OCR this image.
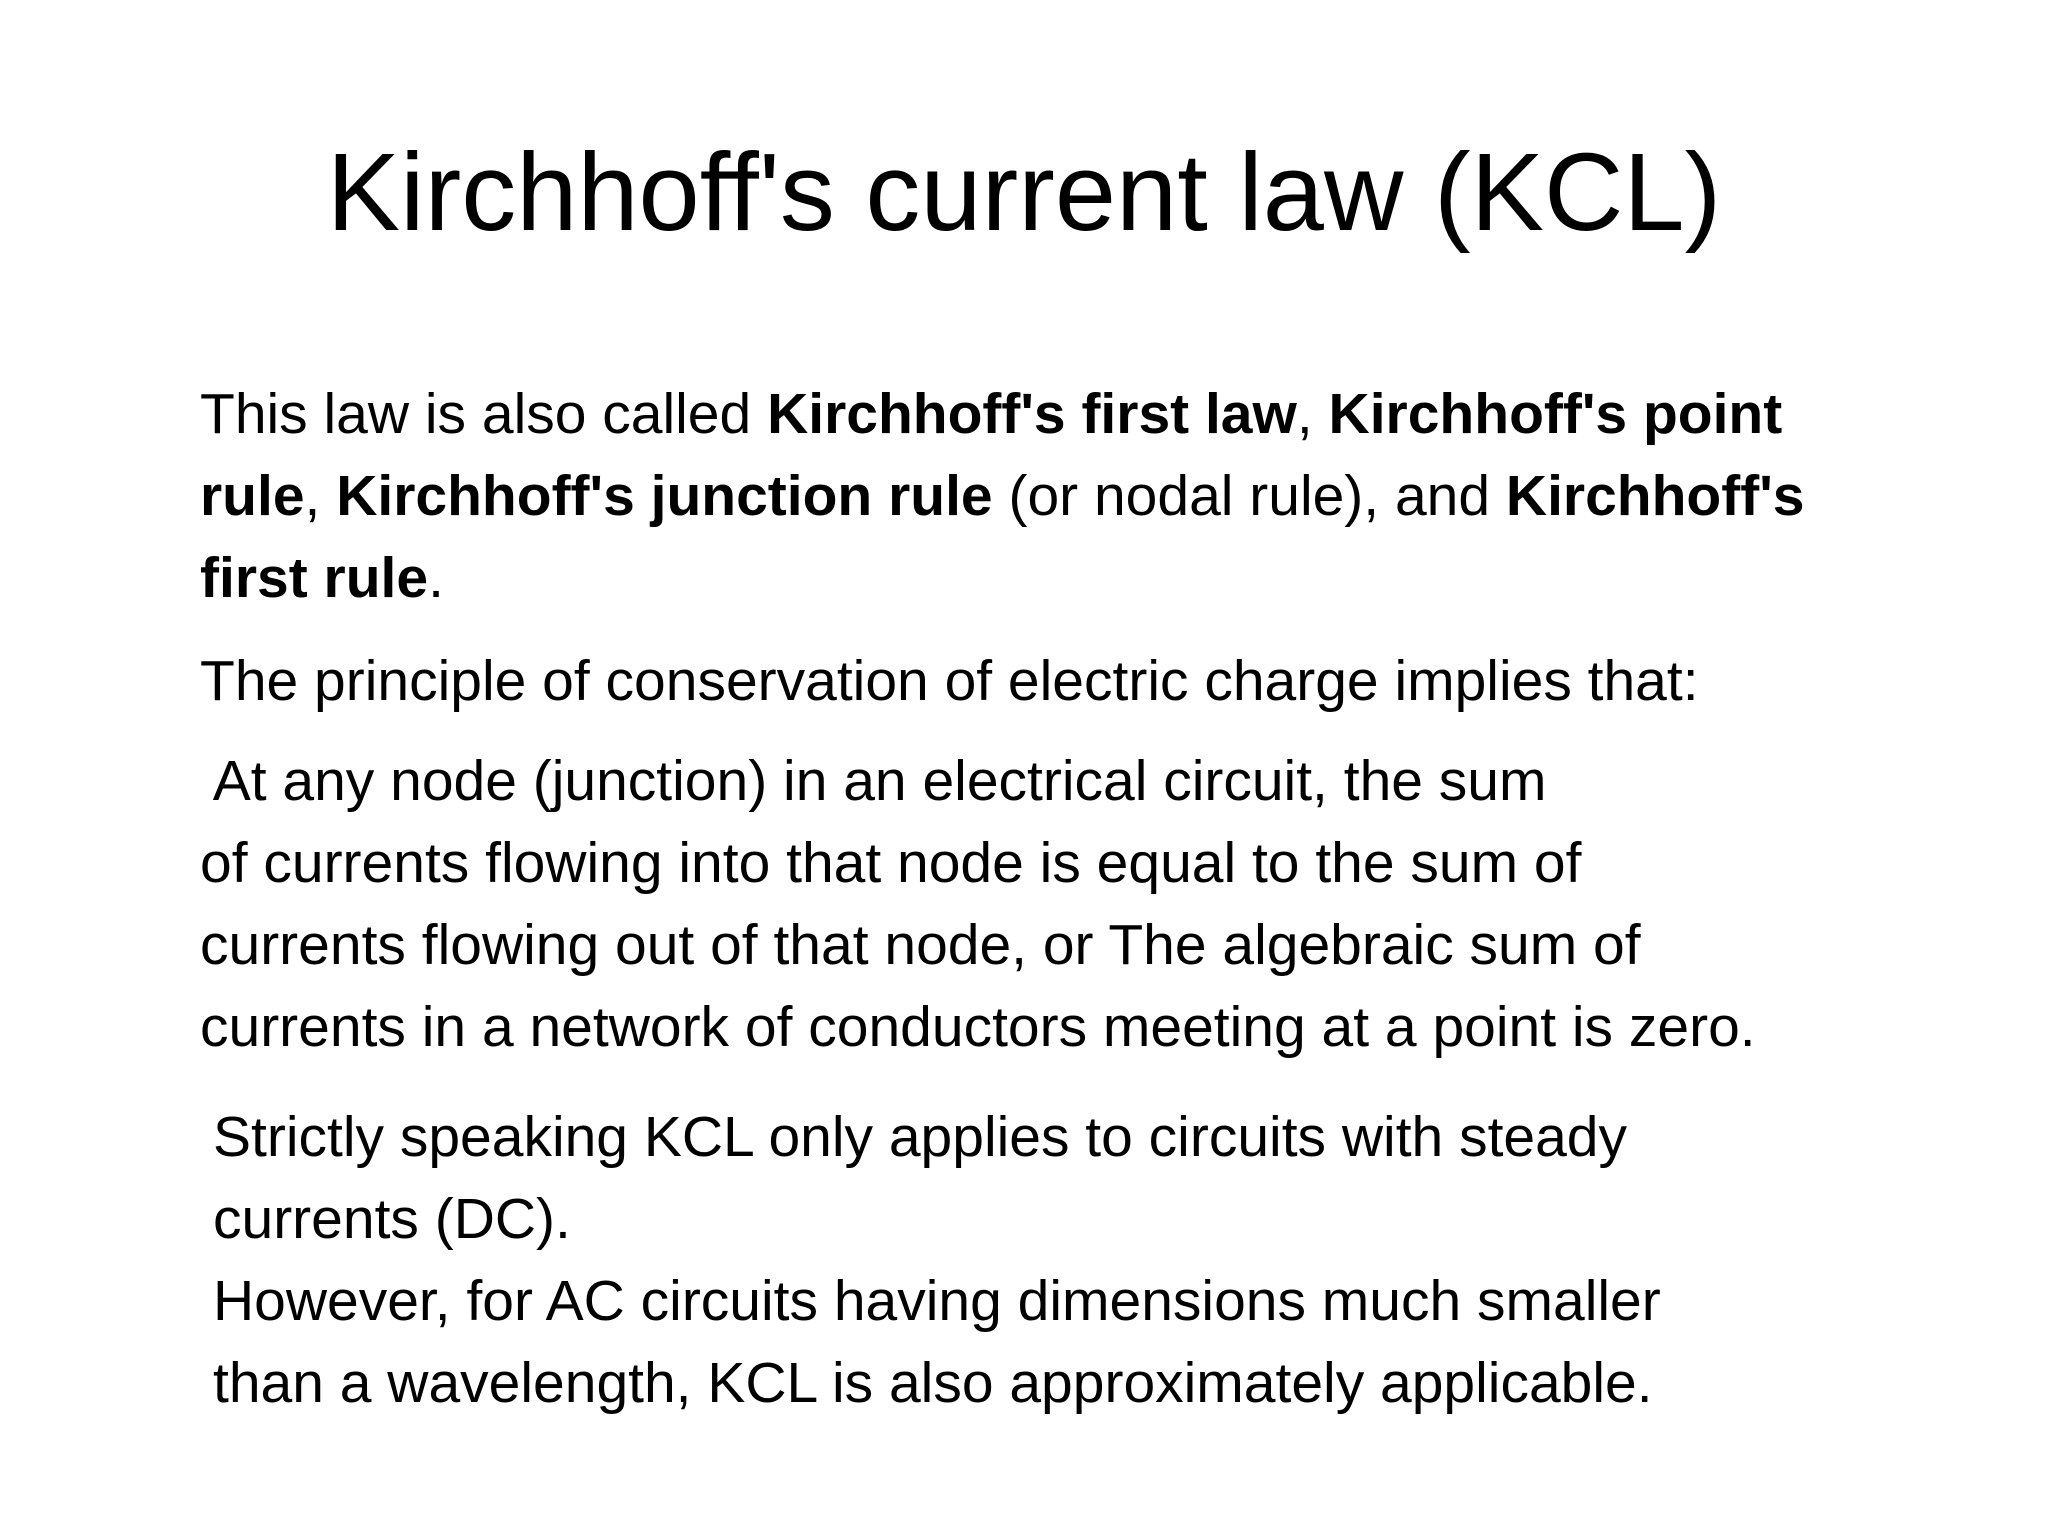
Kirchhoff's current law (KCL)
This law is also called Kirchhoff's first law, Kirchhoff's point
rule, Kirchhoff's junction rule (or nodal rule), and Kirchhoff's
first rule.
The principle of conservation of electric charge implies that:
At any node (junction) in an electrical circuit, the sum
of currents flowing into that node is equal to the sum of
currents flowing out of that node, or The algebraic sum of
currents in a network of conductors meeting at a point is zero.
Strictly speaking KCL only applies to circuits with steady
currents (DC).
However, for AC circuits having dimensions much smaller
than a wavelength, KCL is also approximately applicable.
